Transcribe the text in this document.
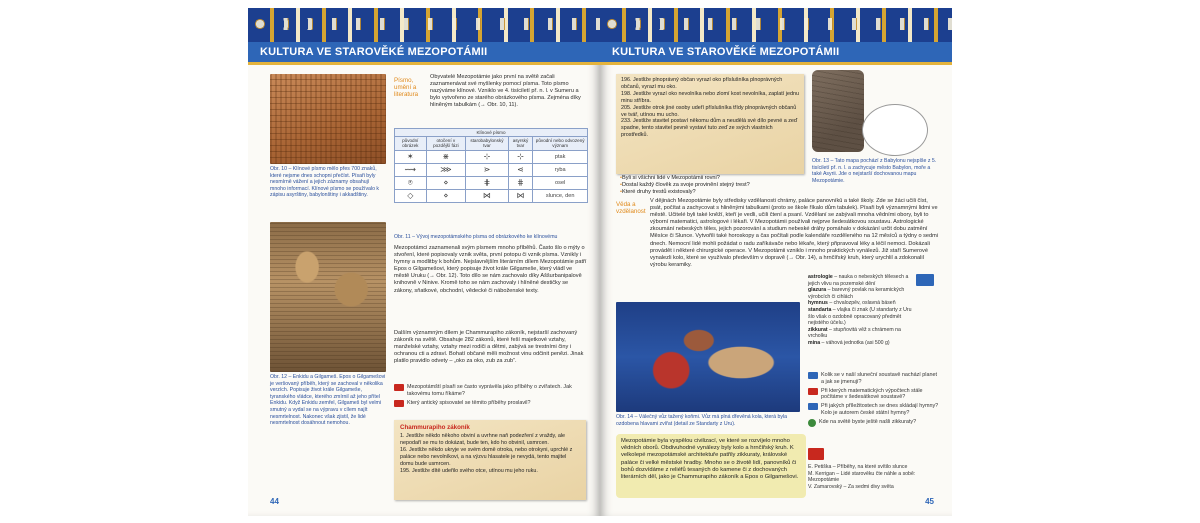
KULTURA VE STAROVĚKÉ MEZOPOTÁMII
Obr. 10 – Klínové písmo mělo přes 700 znaků, které nejsme dnes schopni přečíst. Písaři byly nesmírně vážení a jejich záznamy obsahují mnoho informací. Klínové písmo se používalo k zápisu asyrštiny, babylonštiny i akkadštiny.
Písmo, umění a literatura
Obyvatelé Mezopotámie jako první na světě začali zaznamenávat své myšlenky pomocí písma. Toto písmo nazýváme klínové. Vzniklo ve 4. tisíciletí př. n. l. v Sumeru a bylo vytvořeno ze starého obrázkového písma. Zejména díky hliněným tabulkám (→ Obr. 10, 11).
Klínové písmo				
původní obrázek	otočení v pozdější fázi	starobabylonský tvar	asyrský tvar	původní nebo odvozený význam
✶	⋇	⊹	⊹	ptak
⟿	⋙	⋗	⋖	ryba
⍟	⋄	⋕	⋕	osel
◇	⋄	⋈	⋈	slunce, den
Obr. 11 – Vývoj mezopotámského písma od obrázkového ke klínovému
Obr. 12 – Enkidu a Gilgameš. Epos o Gilgamešovi je veršovaný příběh, který se zachoval v několika verzích. Popisuje život krále Gilgameše, tyranského vládce, kterého zmírnil až jeho přítel Enkidu. Když Enkidu zemřel, Gilgameš byl velmi smutný a vydal se na výpravu v cílem najít nesmrtelnost. Nakonec však zjistil, že lidé nesmrtelnost dosáhnout nemohou.
Mezopotámci zaznamenali svým písmem mnoho příběhů. Často šlo o mýty o stvoření, které popisovaly vznik světa, první potopu či vznik písma. Vznikly i hymny a modlitby k bohům. Nejslavnějším literárním dílem Mezopotámie patří Epos o Gilgamešovi, který popisuje život krále Gilgameše, který vládl ve městě Uruku (→ Obr. 12). Toto dílo se nám zachovalo díky Aššurbanipalově knihovně v Ninive. Kromě toho se nám zachovaly i hlíněné destičky se zákony, sňatkové, obchodní, vědecké či náboženské texty.
Dalším významným dílem je Chammurapiho zákoník, nejstarší zachovaný zákoník na světě. Obsahuje 282 zákonů, které řeší majetkové vztahy, manželské vztahy, vztahy mezi rodiči a dětmi, zabývá se trestními činy i ochranou cti a zdraví. Bohatí občané měli možnost vinu odčinit penězi. Jinak platilo pravidlo odvety – „oko za oko, zub za zub“.
Mezopotámští písaři se často vyprávěla jako příběhy o zvířatech. Jak takovému tomu říkáme?
Který antický spisovatel se těmito příběhy proslavil?
Chammurapiho zákoník

1. Jestliže někdo někoho obviní a uvrhne naň podezření z vraždy, ale nepodaří se mu to dokázat, bude ten, kdo ho obvinil, usmrcen.

16. Jestliže někdo ukryje ve svém domě otroka, nebo otrokyni, uprchlé z paláce nebo nevolníkovi, a na výzvu hlasatele je nevydá, tento majitel domu bude usmrcen.

195. Jestliže dítě udeřilo svého otce, utínou mu jeho ruku.

44
KULTURA VE STAROVĚKÉ MEZOPOTÁMII

196. Jestliže plnoprávný občan vyrazí oko příslušníka plnoprávných občanů, vyrazí mu oko.

198. Jestliže vyrazí oko nevolníka nebo zlomí kost nevolníka, zaplatí jednu minu stříbra.

205. Jestliže otrok jiné osoby udeří příslušníka třídy plnoprávných občanů ve tvář, utínou mu ucho.

233. Jestliže stavitel postaví někomu dům a neudělá své dílo pevné a zeď spadne, tento stavitel pevně vystaví tuto zeď ze svých vlastních prostředků.

• Byli si všichni lidé v Mezopotámii rovni?
• Dostal každý člověk za svoje provinění stejný trest?
• Které druhy trestů existovaly?
Obr. 13 – Tato mapa pochází z Babylonu nejspíše z 5. tisíciletí př. n. l. a zachycuje město Babylon, moře a také Asyrii. Jde o nejstarší dochovanou mapu Mezopotámie.
Věda a vzdělanost
V dějinách Mezopotámie byly středisky vzdělanosti chrámy, paláce panovníků a také školy. Zde se žáci učili číst, psát, počítat a zachycovat s hliněnými tabulkami (proto se škole říkalo dům tabulek). Písaři byli významnými lidmi ve městě. Učitelé byli také kněží, kteří je vedli, učili čtení a psaní. Vzdělaní se zabývali mnoha vědními obory, byli to výborní matematici, astrologové i lékaři. V Mezopotámii používali nejprve šedesátkovou soustavu. Astrologické zkoumání nebeských těles, jejich pozorování a studium nebeské dráhy pomáhalo v dokázání určit dobu zatmění Měsíce či Slunce. Vytvořili také horoskopy a čas počítali podle kalendáře rozděleného na 12 měsíců a týdny o sedmi dnech. Nemocní lidé mohli požádat o radu zaříkávače nebo lékaře, který připravoval léky a léčil nemoci. Dokázali provádět i některé chirurgické operace. V Mezopotámii vzniklo i mnoho praktických vynálezů. Již staří Sumerové vynalezli kolo, které se využívalo především v dopravě (→ Obr. 14), a hrnčířský kruh, který urychlil a zdokonalil výrobu keramiky.
Obr. 14 – Válečný vůz tažený koňmi. Vůz má plná dřevěná kola, která byla ozdobena hlavami zvířat (detail ze Standarty z Uru).
astrologie – nauka o nebeských tělesech a jejich vlivu na pozemské dění
glazura – barevný povlak na keramických výrobcích či cihlách
hymnus – chvalozpěv, oslavná báseň
standarta – vlajka či znak (U standarty z Uru šlo však o ozdobně opracovaný předmět nejistého účelu.)
zikkurat – stupňovitá věž s chrámem na vrcholku
mina – váhová jednotka (asi 500 g)
Kolik se v naší sluneční soustavě nachází planet a jak se jmenují?
Při kterých matematických výpočtech stále počítáme v šedesátkové soustavě?
Při jakých příležitostech se dnes skládají hymny? Kolo je autorem české státní hymny?
Kde na světě byste ještě našli zikkuraty?
Mezopotámie byla vyspělou civilizací, ve které se rozvíjelo mnoho vědních oborů. Obdivuhodné vynálezy byly kolo a hrnčířský kruh. K velkolepé mezopotámské architektuře patřily zikkuraty, královské paláce či velké městské hradby. Mnoho se o životě lidí, panovníků či bohů dozvídáme z reliéfů tesaných do kamene či z dochovaných literárních děl, jako je Chammurapiho zákoník a Epos o Gilgamešovi.
E. Petiška – Příběhy, na které svítilo slunce
M. Kerrigan – Lidé starověku čte náhle a sobě: Mezopotámie
V. Zamarovský – Za sedmi divy světa
45
